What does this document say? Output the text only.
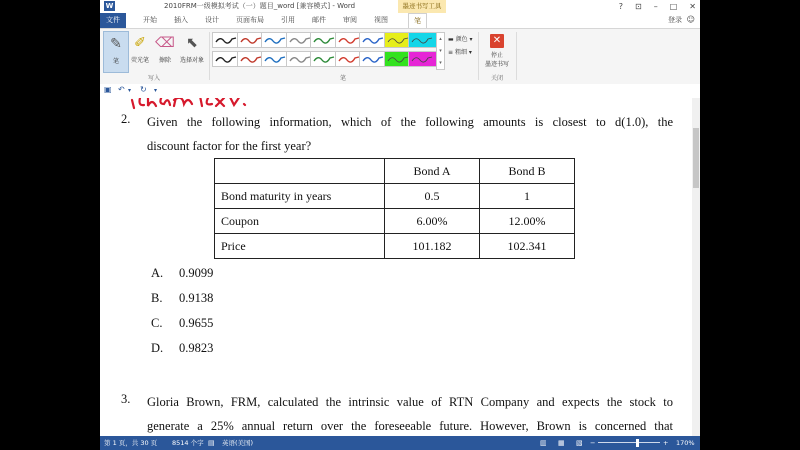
W	2010FRM一级模拟考试（一）题目_word [兼容模式] - Word	墨迹书写工具	? ⊡ – □ ✕
文件	开始	插入	设计	页面布局	引用	邮件	审阅	视图	笔	登录 ☺
✎
笔
✐
荧光笔
⌫
擦除
⬉
选择对象
写入
▴
▾
▾
▬ 颜色 ▾
≡ 粗细 ▾
笔
✕
停止
墨迹书写
关闭
▣ ↶ ▾ ↻ ▾
2. Given the following information, which of the following amounts is closest to d(1.0), the
discount factor for the first year?
	Bond A	Bond B
Bond maturity in years	0.5	1
Coupon	6.00%	12.00%
Price	101.182	102.341
A. 0.9099
B. 0.9138
C. 0.9655
D. 0.9823
3. Gloria Brown, FRM, calculated the intrinsic value of RTN Company and expects the stock to
generate a 25% annual return over the foreseeable future. However, Brown is concerned that
第 1 页，共 30 页 8514 个字 ▤ 英语(美国)	▥ ▦ ▧ −	+ 170%
